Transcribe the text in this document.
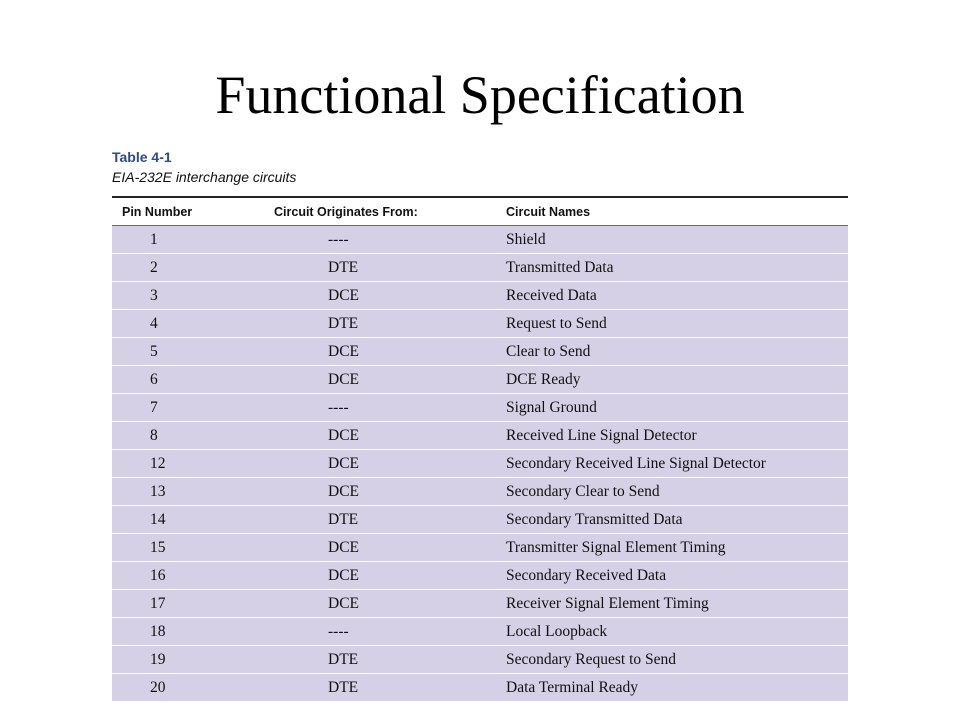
Functional Specification
Table 4-1
EIA-232E interchange circuits
Pin Number	Circuit Originates From:	Circuit Names
1	----	Shield
2	DTE	Transmitted Data
3	DCE	Received Data
4	DTE	Request to Send
5	DCE	Clear to Send
6	DCE	DCE Ready
7	----	Signal Ground
8	DCE	Received Line Signal Detector
12	DCE	Secondary Received Line Signal Detector
13	DCE	Secondary Clear to Send
14	DTE	Secondary Transmitted Data
15	DCE	Transmitter Signal Element Timing
16	DCE	Secondary Received Data
17	DCE	Receiver Signal Element Timing
18	----	Local Loopback
19	DTE	Secondary Request to Send
20	DTE	Data Terminal Ready
